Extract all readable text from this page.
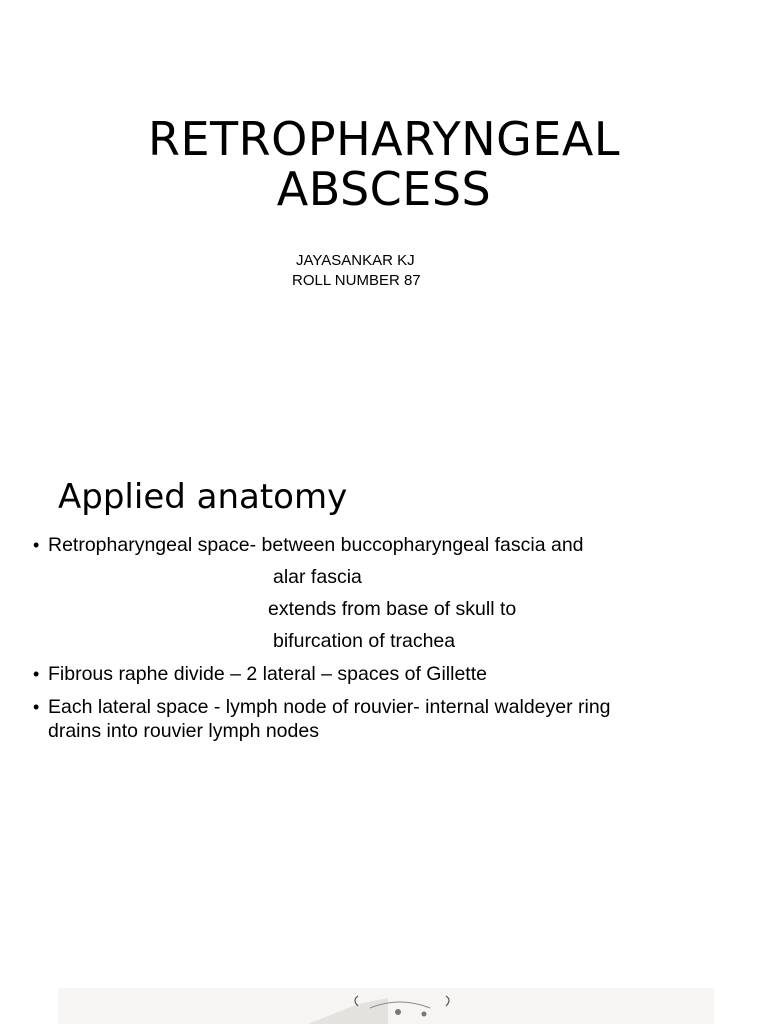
RETROPHARYNGEAL
ABSCESS
JAYASANKAR KJ
ROLL NUMBER 87
Applied anatomy
• Retropharyngeal space- between buccopharyngeal fascia and
alar fascia
extends from base of skull to
bifurcation of trachea
• Fibrous raphe divide – 2 lateral – spaces of Gillette
• Each lateral space - lymph node of rouvier- internal waldeyer ring
drains into rouvier lymph nodes
